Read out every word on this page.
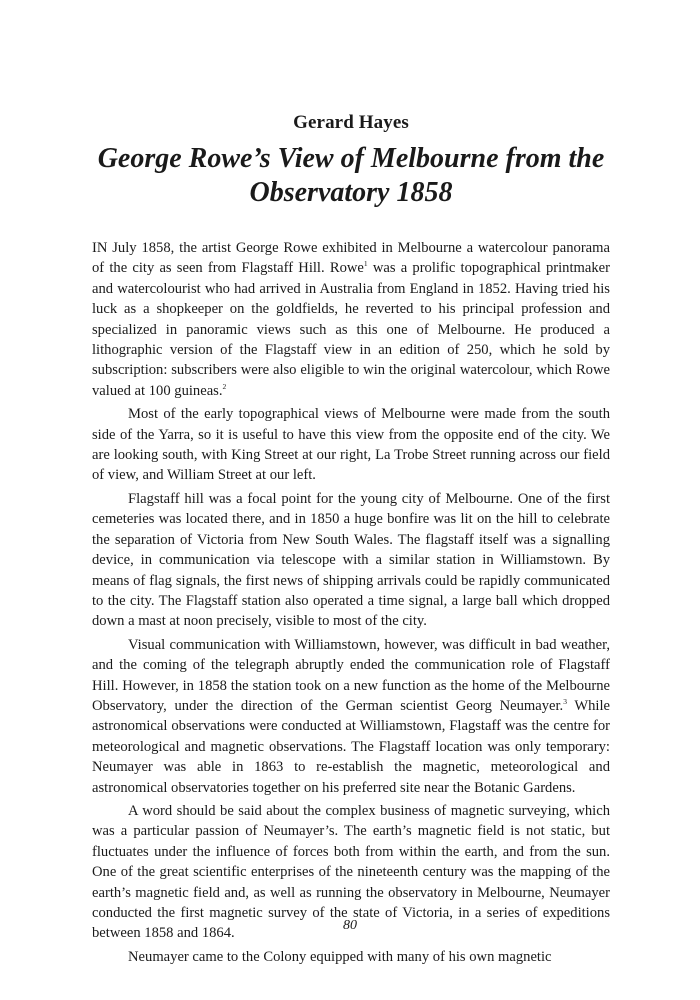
Gerard Hayes
George Rowe’s View of Melbourne from the Observatory 1858

IN July 1858, the artist George Rowe exhibited in Melbourne a watercolour panorama of the city as seen from Flagstaff Hill. Rowe$^1$ was a prolific topographical printmaker and watercolourist who had arrived in Australia from England in 1852. Having tried his luck as a shopkeeper on the goldfields, he reverted to his principal profession and specialized in panoramic views such as this one of Melbourne. He produced a lithographic version of the Flagstaff view in an edition of 250, which he sold by subscription: subscribers were also eligible to win the original watercolour, which Rowe valued at 100 guineas.$^2$

Most of the early topographical views of Melbourne were made from the south side of the Yarra, so it is useful to have this view from the opposite end of the city. We are looking south, with King Street at our right, La Trobe Street running across our field of view, and William Street at our left.

Flagstaff hill was a focal point for the young city of Melbourne. One of the first cemeteries was located there, and in 1850 a huge bonfire was lit on the hill to celebrate the separation of Victoria from New South Wales. The flagstaff itself was a signalling device, in communication via telescope with a similar station in Williamstown. By means of flag signals, the first news of shipping arrivals could be rapidly communicated to the city. The Flagstaff station also operated a time signal, a large ball which dropped down a mast at noon precisely, visible to most of the city.

Visual communication with Williamstown, however, was difficult in bad weather, and the coming of the telegraph abruptly ended the communication role of Flagstaff Hill. However, in 1858 the station took on a new function as the home of the Melbourne Observatory, under the direction of the German scientist Georg Neumayer.$^3$ While astronomical observations were conducted at Williamstown, Flagstaff was the centre for meteorological and magnetic observations. The Flagstaff location was only temporary: Neumayer was able in 1863 to re-establish the magnetic, meteorological and astronomical observatories together on his preferred site near the Botanic Gardens.

A word should be said about the complex business of magnetic surveying, which was a particular passion of Neumayer’s. The earth’s magnetic field is not static, but fluctuates under the influence of forces both from within the earth, and from the sun. One of the great scientific enterprises of the nineteenth century was the mapping of the earth’s magnetic field and, as well as running the observatory in Melbourne, Neumayer conducted the first magnetic survey of the state of Victoria, in a series of expeditions between 1858 and 1864.

Neumayer came to the Colony equipped with many of his own magnetic

80
